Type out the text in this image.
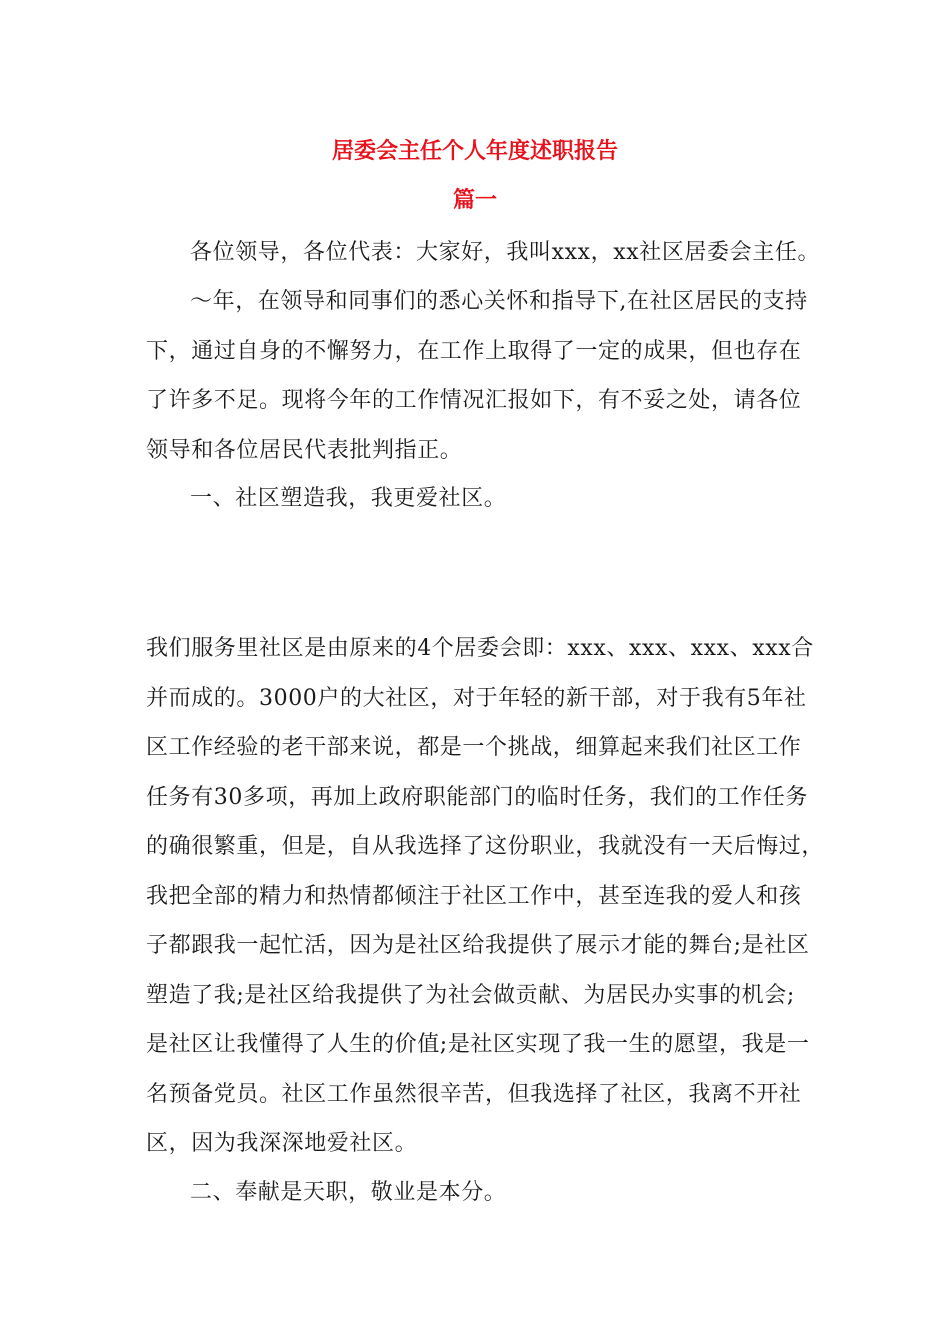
居委会主任个人年度述职报告
篇一
各位领导，各位代表：大家好，我叫xxx，xx社区居委会主任。
～年，在领导和同事们的悉心关怀和指导下,在社区居民的支持
下，通过自身的不懈努力，在工作上取得了一定的成果，但也存在
了许多不足。现将今年的工作情况汇报如下，有不妥之处，请各位
领导和各位居民代表批判指正。
一、社区塑造我，我更爱社区。
我们服务里社区是由原来的4个居委会即：xxx、xxx、xxx、xxx合
并而成的。3000户的大社区，对于年轻的新干部，对于我有5年社
区工作经验的老干部来说，都是一个挑战，细算起来我们社区工作
任务有30多项，再加上政府职能部门的临时任务，我们的工作任务
的确很繁重，但是，自从我选择了这份职业，我就没有一天后悔过，
我把全部的精力和热情都倾注于社区工作中，甚至连我的爱人和孩
子都跟我一起忙活，因为是社区给我提供了展示才能的舞台;是社区
塑造了我;是社区给我提供了为社会做贡献、为居民办实事的机会;
是社区让我懂得了人生的价值;是社区实现了我一生的愿望，我是一
名预备党员。社区工作虽然很辛苦，但我选择了社区，我离不开社
区，因为我深深地爱社区。
二、奉献是天职，敬业是本分。
